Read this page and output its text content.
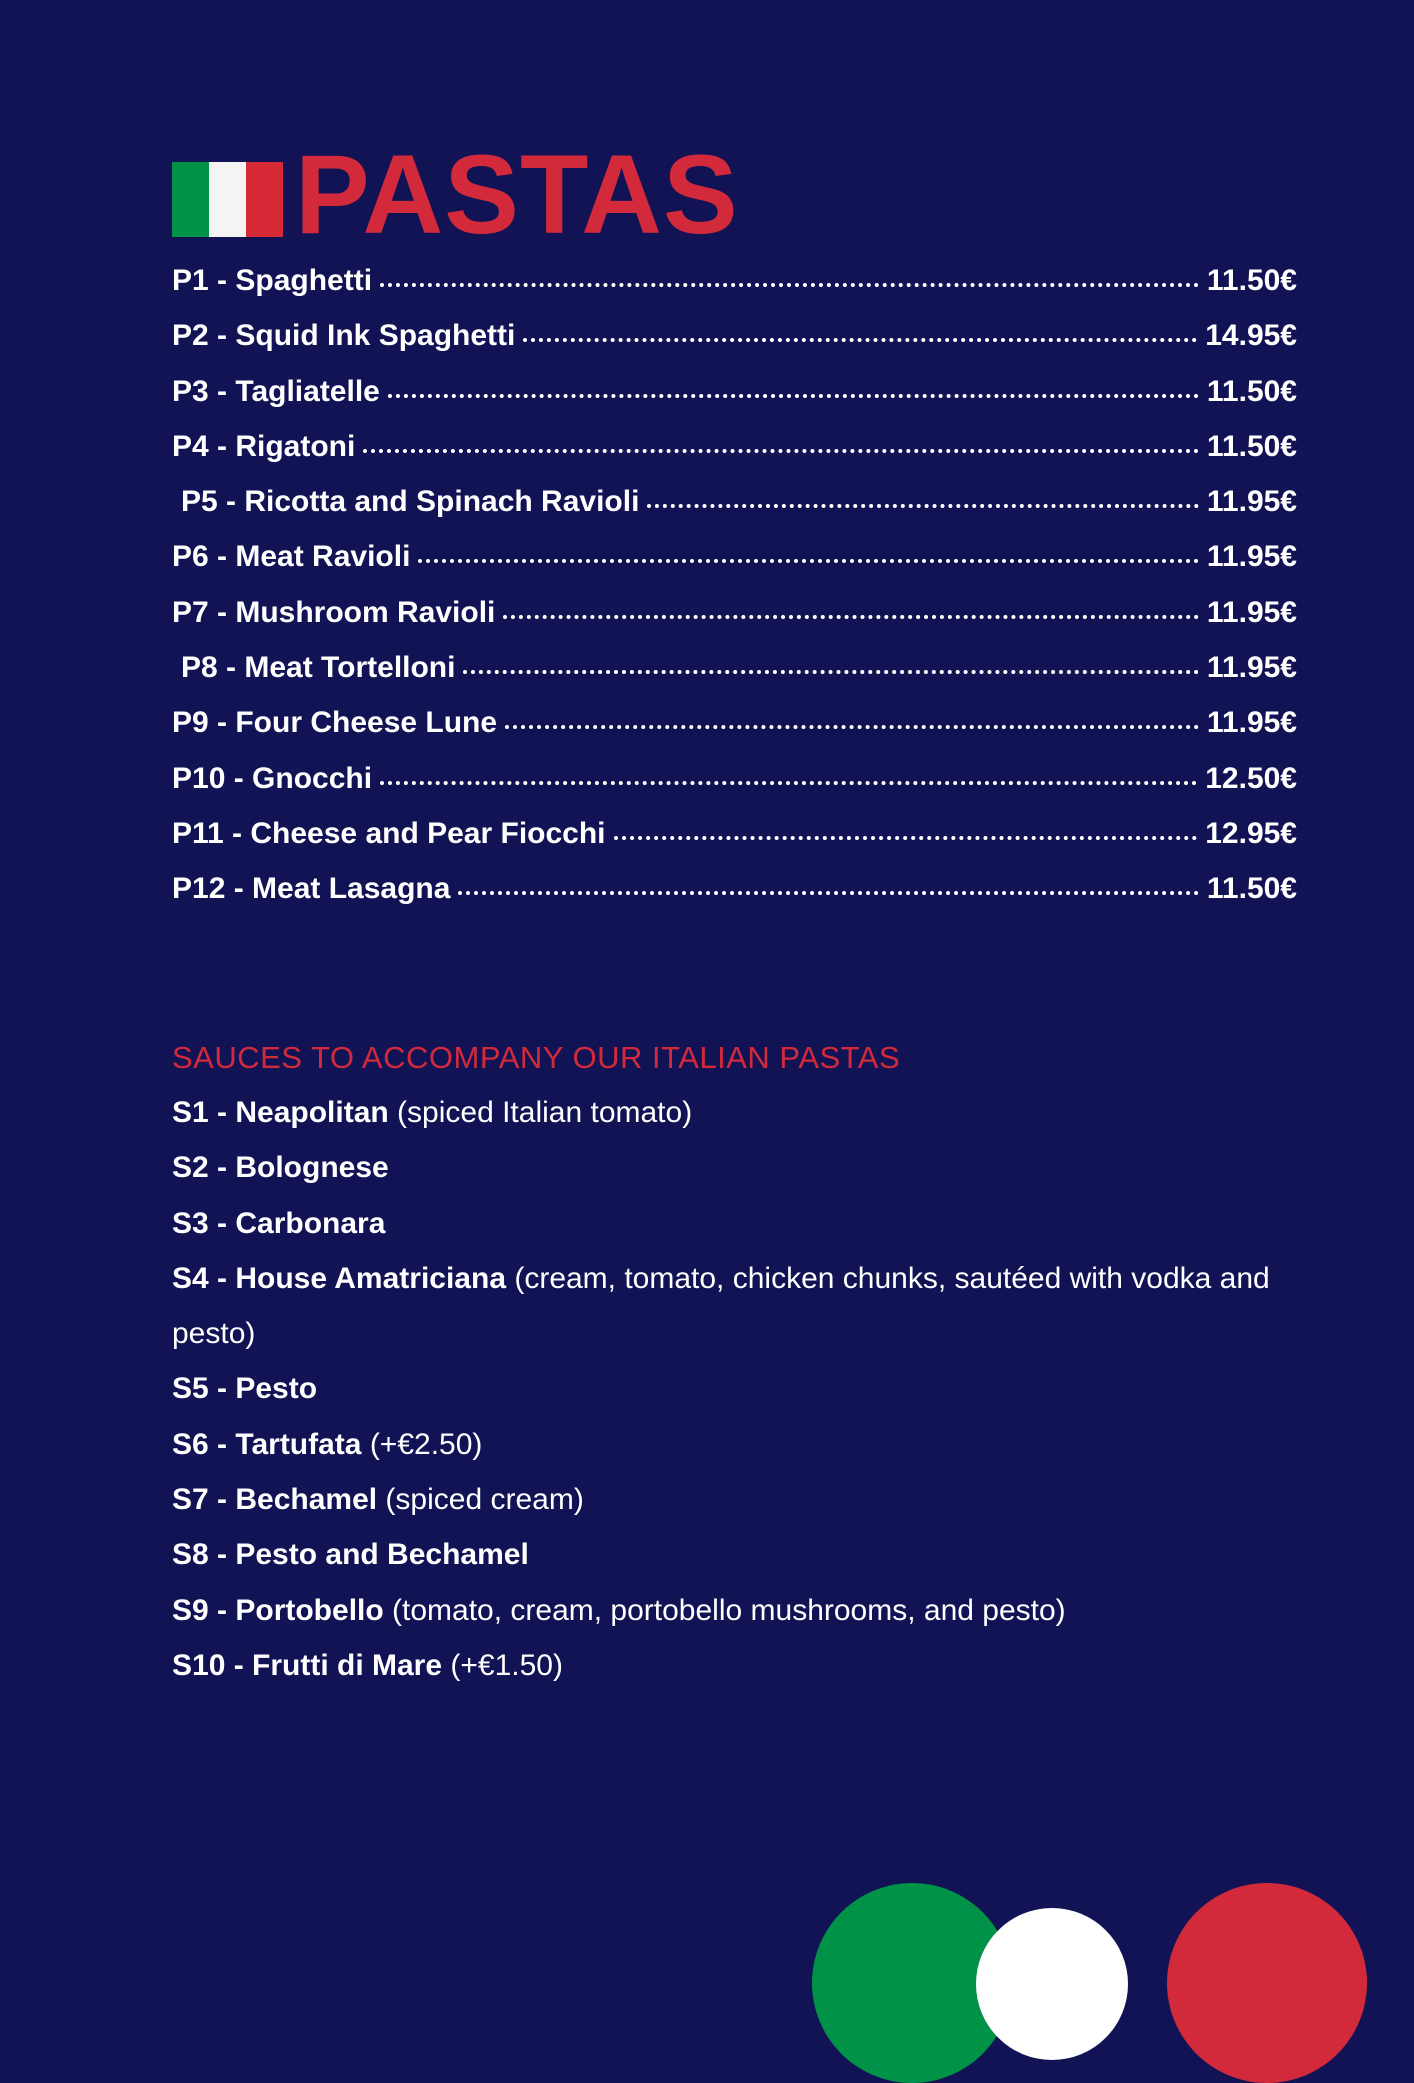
PASTAS
P1 - Spaghetti	11.50€
P2 - Squid Ink Spaghetti	14.95€
P3 - Tagliatelle	11.50€
P4 - Rigatoni	11.50€
P5 - Ricotta and Spinach Ravioli	11.95€
P6 - Meat Ravioli	11.95€
P7 - Mushroom Ravioli	11.95€
P8 - Meat Tortelloni	11.95€
P9 - Four Cheese Lune	11.95€
P10 - Gnocchi	12.50€
P11 - Cheese and Pear Fiocchi	12.95€
P12 - Meat Lasagna	11.50€
SAUCES TO ACCOMPANY OUR ITALIAN PASTAS
S1 - Neapolitan (spiced Italian tomato)
S2 - Bolognese
S3 - Carbonara
S4 - House Amatriciana (cream, tomato, chicken chunks, sautéed with vodka and pesto)
S5 - Pesto
S6 - Tartufata (+€2.50)
S7 - Bechamel (spiced cream)
S8 - Pesto and Bechamel
S9 - Portobello (tomato, cream, portobello mushrooms, and pesto)
S10 - Frutti di Mare (+€1.50)
